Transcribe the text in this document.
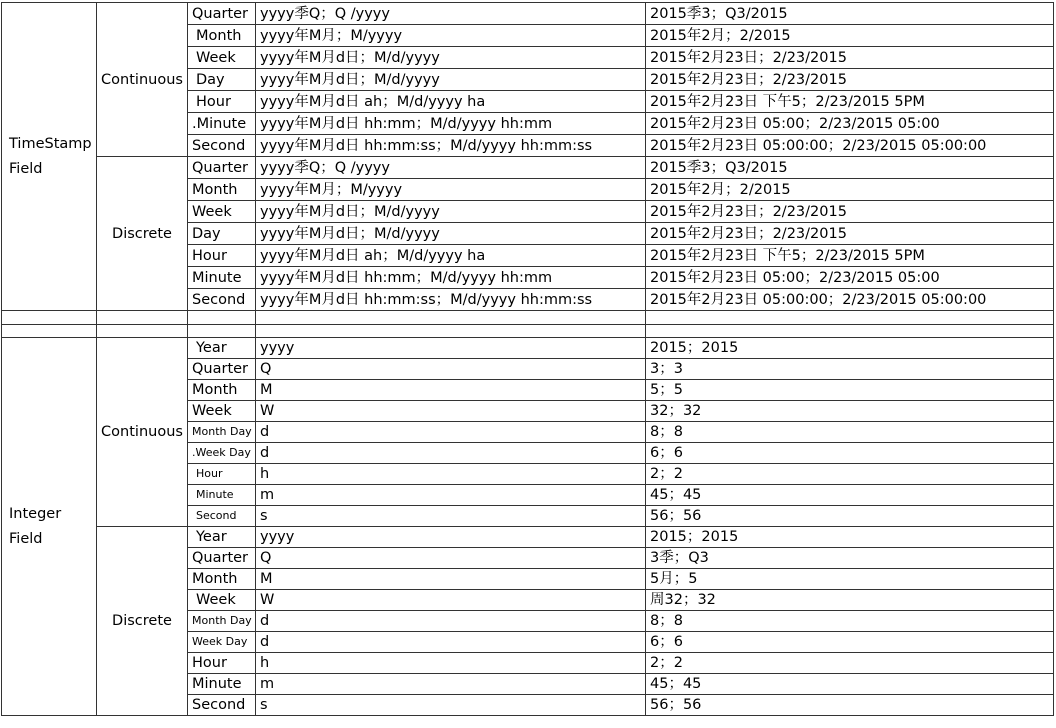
TimeStamp Field	Continuous	Quarter	yyyy季Q；Q /yyyy	2015季3；Q3/2015
		Month	yyyy年M月；M/yyyy	2015年2月；2/2015
		Week	yyyy年M月d日；M/d/yyyy	2015年2月23日；2/23/2015
		Day	yyyy年M月d日；M/d/yyyy	2015年2月23日；2/23/2015
		Hour	yyyy年M月d日 ah；M/d/yyyy ha	2015年2月23日 下午5；2/23/2015 5PM
		.Minute	yyyy年M月d日 hh:mm；M/d/yyyy hh:mm	2015年2月23日 05:00；2/23/2015 05:00
		Second	yyyy年M月d日 hh:mm:ss；M/d/yyyy hh:mm:ss	2015年2月23日 05:00:00；2/23/2015 05:00:00
	Discrete	Quarter	yyyy季Q；Q /yyyy	2015季3；Q3/2015
		Month	yyyy年M月；M/yyyy	2015年2月；2/2015
		Week	yyyy年M月d日；M/d/yyyy	2015年2月23日；2/23/2015
		Day	yyyy年M月d日；M/d/yyyy	2015年2月23日；2/23/2015
		Hour	yyyy年M月d日 ah；M/d/yyyy ha	2015年2月23日 下午5；2/23/2015 5PM
		Minute	yyyy年M月d日 hh:mm；M/d/yyyy hh:mm	2015年2月23日 05:00；2/23/2015 05:00
		Second	yyyy年M月d日 hh:mm:ss；M/d/yyyy hh:mm:ss	2015年2月23日 05:00:00；2/23/2015 05:00:00

Integer Field	Continuous	Year	yyyy	2015；2015
		Quarter	Q	3；3
		Month	M	5；5
		Week	W	32；32
		Month Day	d	8；8
		.Week Day	d	6；6
		Hour	h	2；2
		Minute	m	45；45
		Second	s	56；56
	Discrete	Year	yyyy	2015；2015
		Quarter	Q	3季；Q3
		Month	M	5月；5
		Week	W	周32；32
		Month Day	d	8；8
		Week Day	d	6；6
		Hour	h	2；2
		Minute	m	45；45
		Second	s	56；56
